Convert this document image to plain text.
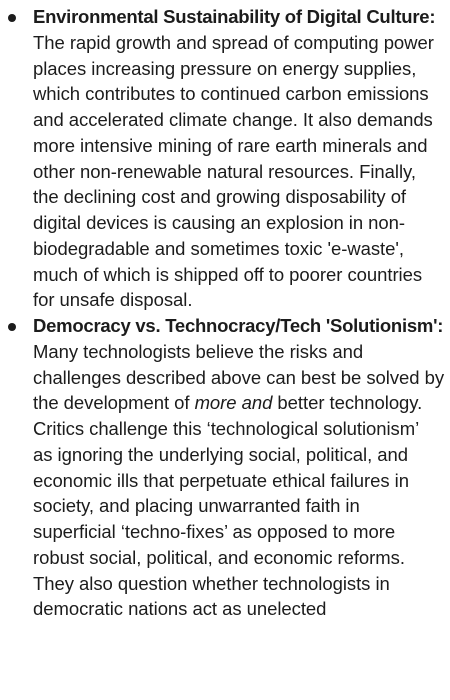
Environmental Sustainability of Digital Culture:
The rapid growth and spread of computing power
places increasing pressure on energy supplies,
which contributes to continued carbon emissions
and accelerated climate change. It also demands
more intensive mining of rare earth minerals and
other non-renewable natural resources. Finally,
the declining cost and growing disposability of
digital devices is causing an explosion in non-
biodegradable and sometimes toxic 'e-waste',
much of which is shipped off to poorer countries
for unsafe disposal.
Democracy vs. Technocracy/Tech 'Solutionism':
Many technologists believe the risks and
challenges described above can best be solved by
the development of more and better technology.
Critics challenge this ‘technological solutionism’
as ignoring the underlying social, political, and
economic ills that perpetuate ethical failures in
society, and placing unwarranted faith in
superficial ‘techno-fixes’ as opposed to more
robust social, political, and economic reforms.
They also question whether technologists in
democratic nations act as unelected
